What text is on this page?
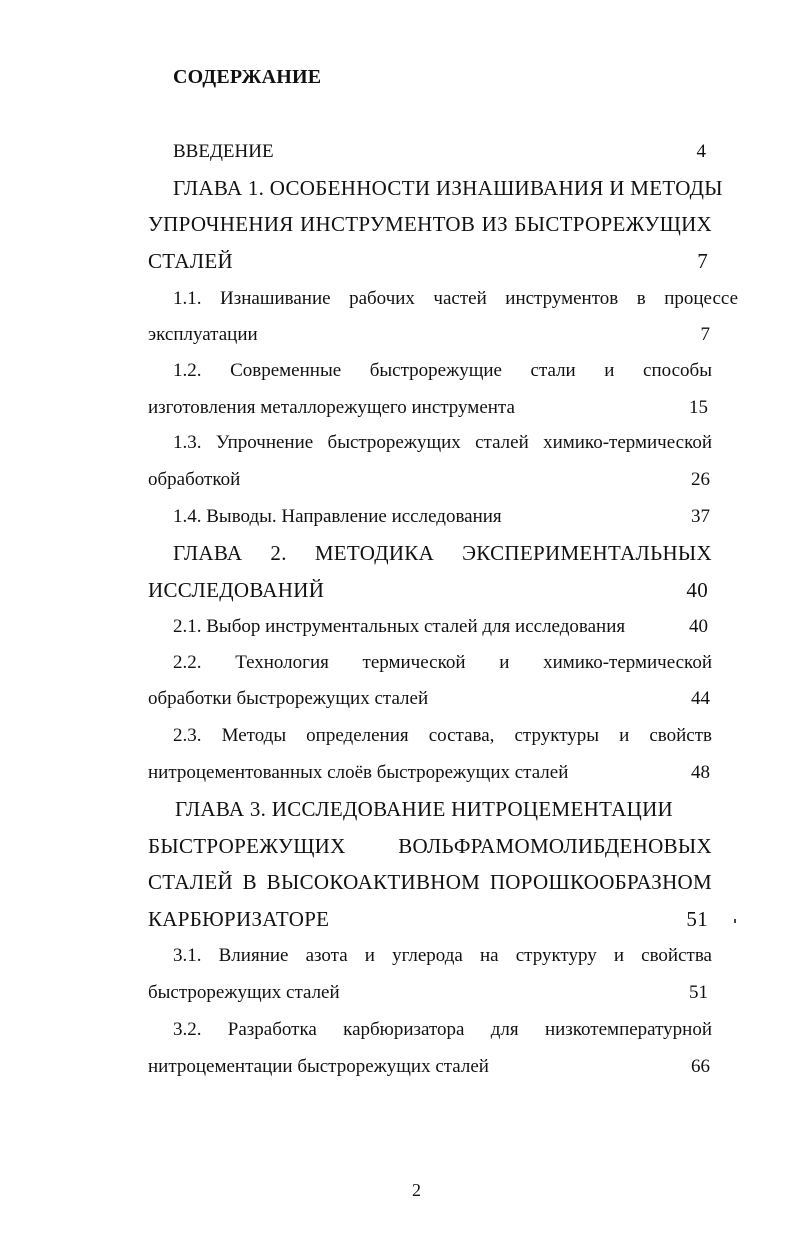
СОДЕРЖАНИЕ
ВВЕДЕНИЕ	4
ГЛАВА 1. ОСОБЕННОСТИ ИЗНАШИВАНИЯ И МЕТОДЫ
УПРОЧНЕНИЯ ИНСТРУМЕНТОВ ИЗ БЫСТРОРЕЖУЩИХ
СТАЛЕЙ	7
1.1. Изнашивание рабочих частей инструментов в процессе
эксплуатации	7
1.2. Современные быстрорежущие стали и способы
изготовления металлорежущего инструмента	15
1.3. Упрочнение быстрорежущих сталей химико-термической
обработкой	26
1.4. Выводы. Направление исследования	37
ГЛАВА 2. МЕТОДИКА ЭКСПЕРИМЕНТАЛЬНЫХ
ИССЛЕДОВАНИЙ	40
2.1. Выбор инструментальных сталей для исследования	40
2.2. Технология термической и химико-термической
обработки быстрорежущих сталей	44
2.3. Методы определения состава, структуры и свойств
нитроцементованных слоёв быстрорежущих сталей	48
ГЛАВА 3. ИССЛЕДОВАНИЕ НИТРОЦЕМЕНТАЦИИ
БЫСТРОРЕЖУЩИХ ВОЛЬФРАМОМОЛИБДЕНОВЫХ
СТАЛЕЙ В ВЫСОКОАКТИВНОМ ПОРОШКООБРАЗНОМ
КАРБЮРИЗАТОРЕ	51
3.1. Влияние азота и углерода на структуру и свойства
быстрорежущих сталей	51
3.2. Разработка карбюризатора для низкотемпературной
нитроцементации быстрорежущих сталей	66
2
